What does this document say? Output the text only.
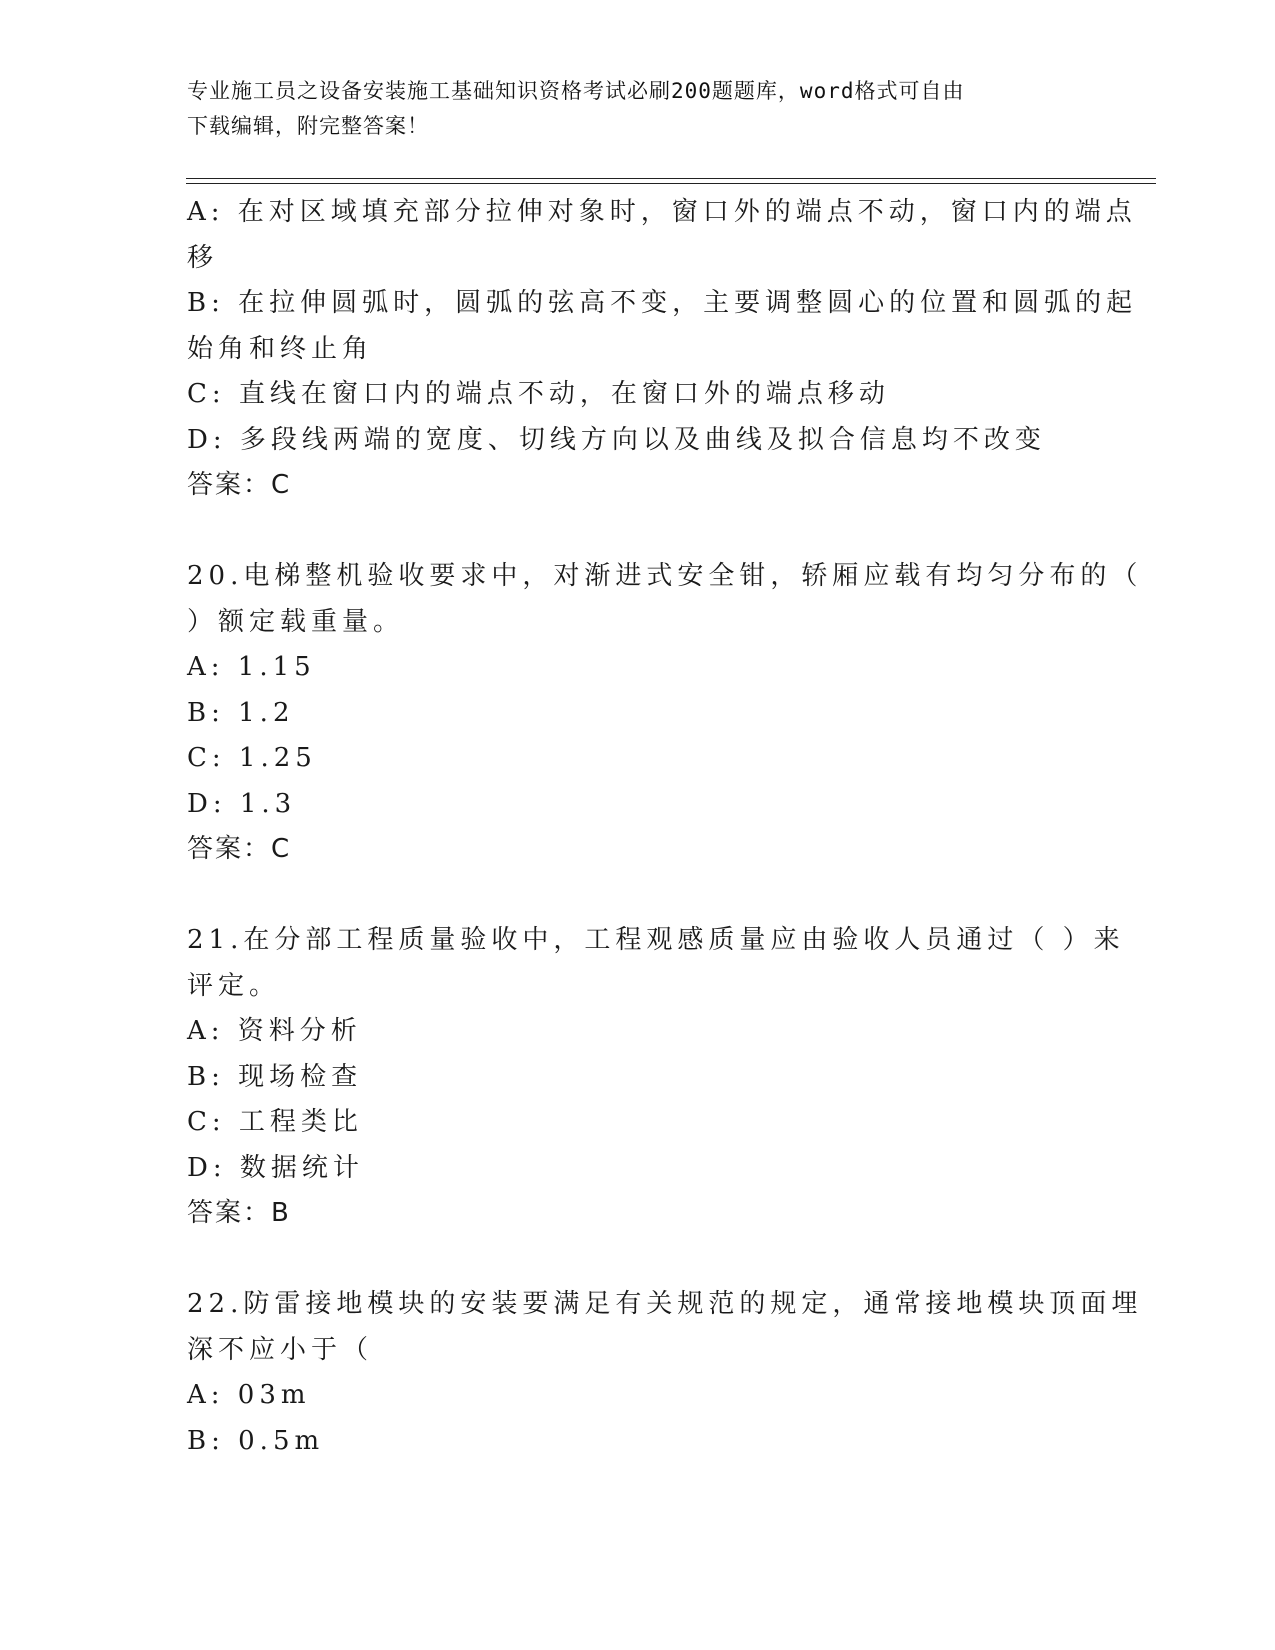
专业施工员之设备安装施工基础知识资格考试必刷200题题库，word格式可自由
下载编辑，附完整答案！
A: 在对区域填充部分拉伸对象时，窗口外的端点不动，窗口内的端点
移
B: 在拉伸圆弧时，圆弧的弦高不变，主要调整圆心的位置和圆弧的起
始角和终止角
C: 直线在窗口内的端点不动，在窗口外的端点移动
D: 多段线两端的宽度、切线方向以及曲线及拟合信息均不改变
答案：C
20.电梯整机验收要求中，对渐进式安全钳，轿厢应载有均匀分布的（
）额定载重量。
A: 1.15
B: 1.2
C: 1.25
D: 1.3
答案：C
21.在分部工程质量验收中，工程观感质量应由验收人员通过（ ）来
评定。
A: 资料分析
B: 现场检查
C: 工程类比
D: 数据统计
答案：B
22.防雷接地模块的安装要满足有关规范的规定，通常接地模块顶面埋
深不应小于（
A: 03m
B: 0.5m
